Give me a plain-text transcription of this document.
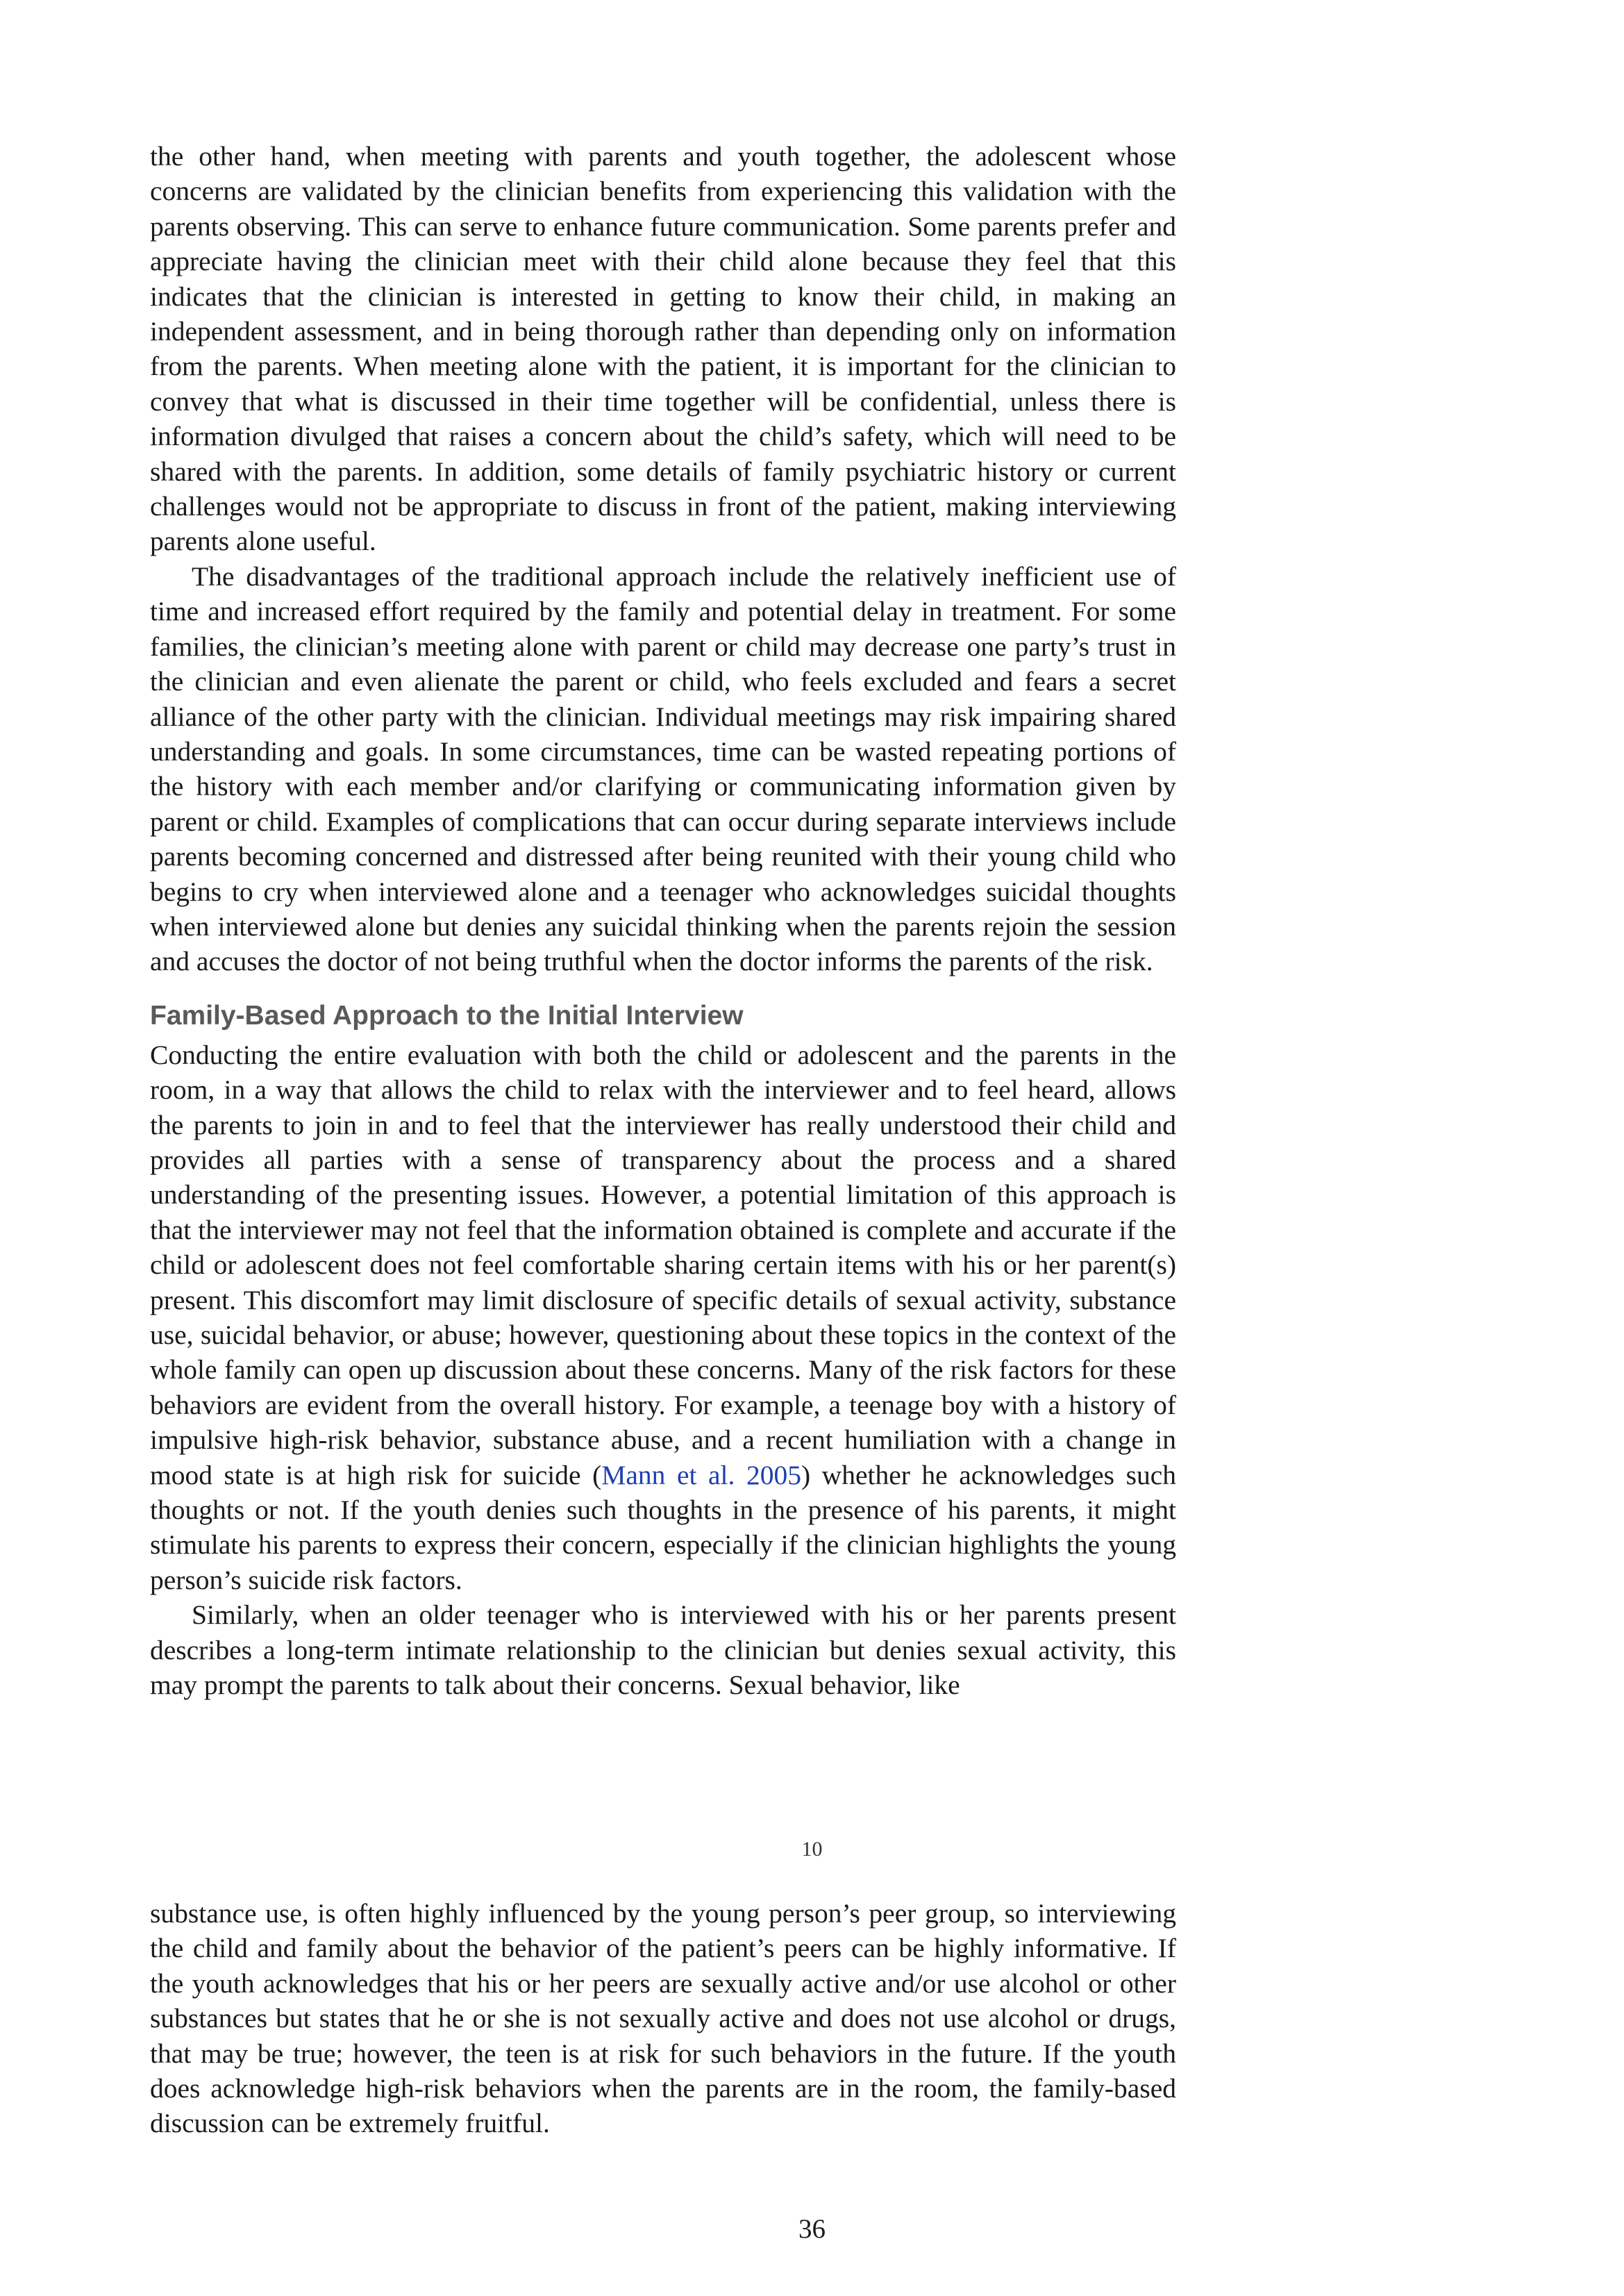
the other hand, when meeting with parents and youth together, the adolescent whose concerns are validated by the clinician benefits from experiencing this validation with the parents observing. This can serve to enhance future communication. Some parents prefer and appreciate having the clinician meet with their child alone because they feel that this indicates that the clinician is interested in getting to know their child, in making an independent assessment, and in being thorough rather than depending only on information from the parents. When meeting alone with the patient, it is important for the clinician to convey that what is discussed in their time together will be confidential, unless there is information divulged that raises a concern about the child’s safety, which will need to be shared with the parents. In addition, some details of family psychiatric history or current challenges would not be appropriate to discuss in front of the patient, making interviewing parents alone useful.

The disadvantages of the traditional approach include the relatively inefficient use of time and increased effort required by the family and potential delay in treatment. For some families, the clinician’s meeting alone with parent or child may decrease one party’s trust in the clinician and even alienate the parent or child, who feels excluded and fears a secret alliance of the other party with the clinician. Individual meetings may risk impairing shared understanding and goals. In some circumstances, time can be wasted repeating portions of the history with each member and/or clarifying or communicating information given by parent or child. Examples of complications that can occur during separate interviews include parents becoming concerned and distressed after being reunited with their young child who begins to cry when interviewed alone and a teenager who acknowledges suicidal thoughts when interviewed alone but denies any suicidal thinking when the parents rejoin the session and accuses the doctor of not being truthful when the doctor informs the parents of the risk.

Family-Based Approach to the Initial Interview

Conducting the entire evaluation with both the child or adolescent and the parents in the room, in a way that allows the child to relax with the interviewer and to feel heard, allows the parents to join in and to feel that the interviewer has really understood their child and provides all parties with a sense of transparency about the process and a shared understanding of the presenting issues. However, a potential limitation of this approach is that the interviewer may not feel that the information obtained is complete and accurate if the child or adolescent does not feel comfortable sharing certain items with his or her parent(s) present. This discomfort may limit disclosure of specific details of sexual activity, substance use, suicidal behavior, or abuse; however, questioning about these topics in the context of the whole family can open up discussion about these concerns. Many of the risk factors for these behaviors are evident from the overall history. For example, a teenage boy with a history of impulsive high-risk behavior, substance abuse, and a recent humiliation with a change in mood state is at high risk for suicide (Mann et al. 2005) whether he acknowledges such thoughts or not. If the youth denies such thoughts in the presence of his parents, it might stimulate his parents to express their concern, especially if the clinician highlights the young person’s suicide risk factors.

Similarly, when an older teenager who is interviewed with his or her parents present describes a long-term intimate relationship to the clinician but denies sexual activity, this may prompt the parents to talk about their concerns. Sexual behavior, like

10

substance use, is often highly influenced by the young person’s peer group, so interviewing the child and family about the behavior of the patient’s peers can be highly informative. If the youth acknowledges that his or her peers are sexually active and/or use alcohol or other substances but states that he or she is not sexually active and does not use alcohol or drugs, that may be true; however, the teen is at risk for such behaviors in the future. If the youth does acknowledge high-risk behaviors when the parents are in the room, the family-based discussion can be extremely fruitful.

36
